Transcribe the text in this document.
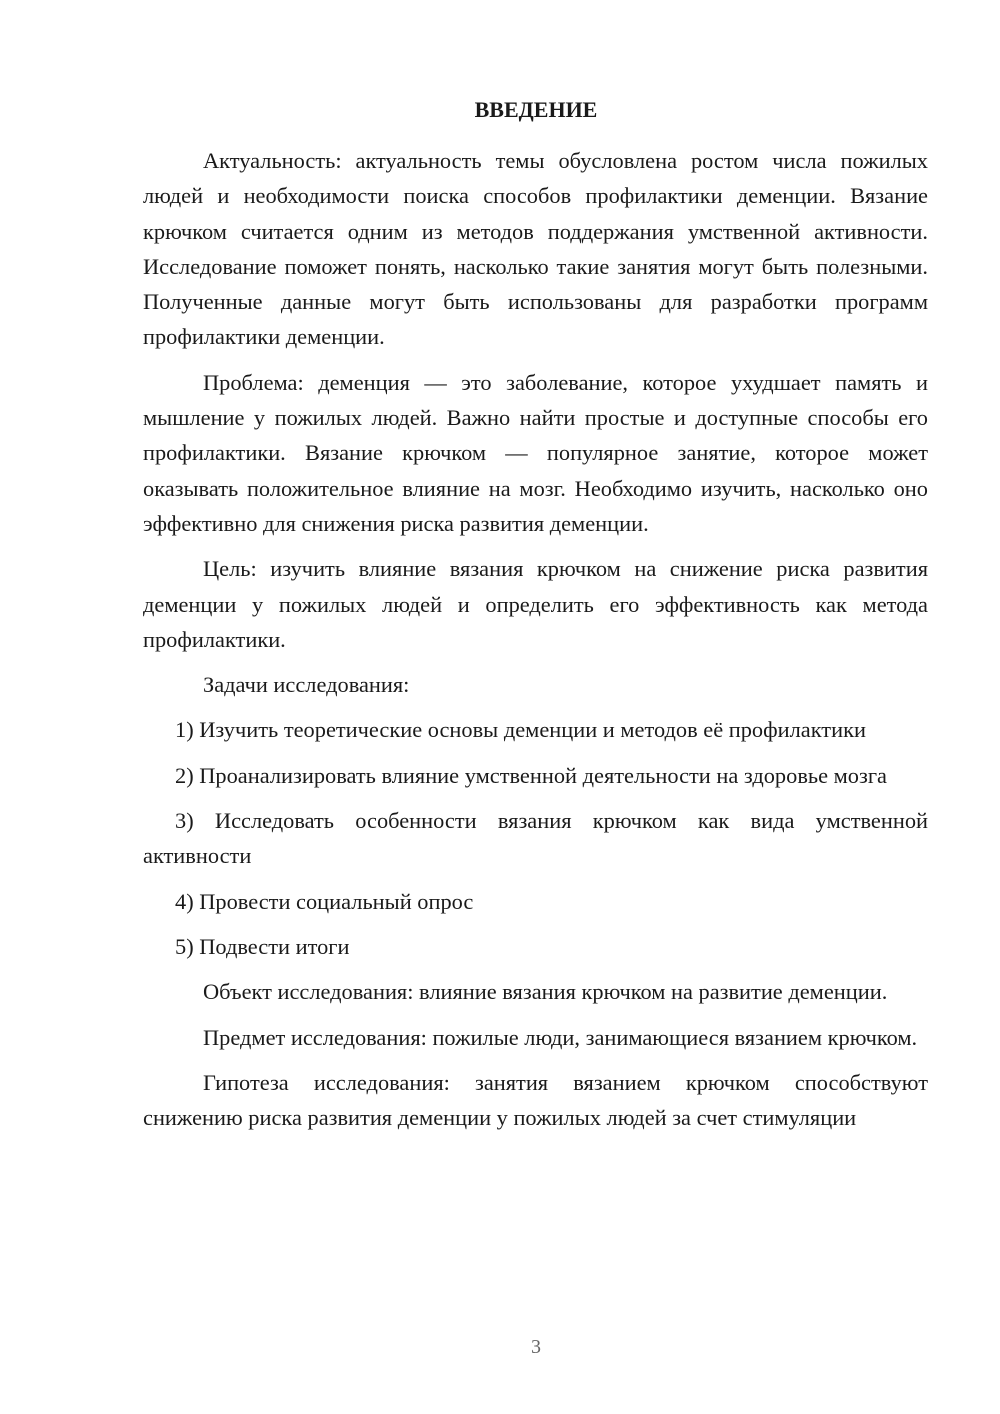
ВВЕДЕНИЕ

Актуальность: актуальность темы обусловлена ростом числа пожилых людей и необходимости поиска способов профилактики деменции. Вязание крючком считается одним из методов поддержания умственной активности. Исследование поможет понять, насколько такие занятия могут быть полезными. Полученные данные могут быть использованы для разработки программ профилактики деменции.

Проблема: деменция — это заболевание, которое ухудшает память и мышление у пожилых людей. Важно найти простые и доступные способы его профилактики. Вязание крючком — популярное занятие, которое может оказывать положительное влияние на мозг. Необходимо изучить, насколько оно эффективно для снижения риска развития деменции.

Цель: изучить влияние вязания крючком на снижение риска развития деменции у пожилых людей и определить его эффективность как метода профилактики.

Задачи исследования:

1) Изучить теоретические основы деменции и методов её профилактики

2) Проанализировать влияние умственной деятельности на здоровье мозга

3) Исследовать особенности вязания крючком как вида умственной активности

4) Провести социальный опрос

5) Подвести итоги

Объект исследования: влияние вязания крючком на развитие деменции.

Предмет исследования: пожилые люди, занимающиеся вязанием крючком.

Гипотеза исследования: занятия вязанием крючком способствуют снижению риска развития деменции у пожилых людей за счет стимуляции

3
